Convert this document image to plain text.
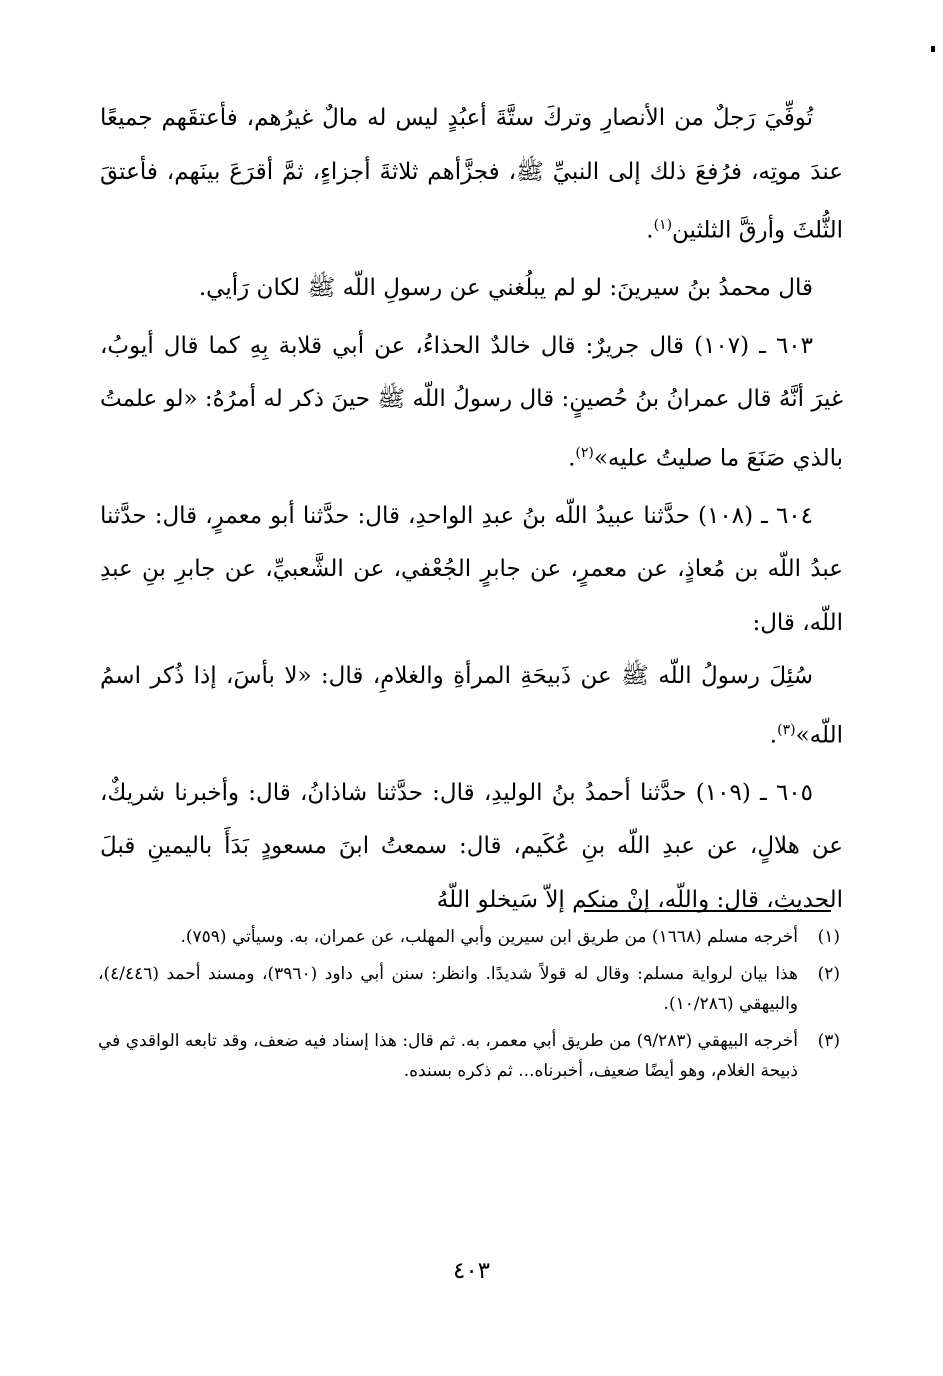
تُوفِّيَ رَجلٌ من الأنصارِ وتركَ ستَّةَ أعبُدٍ ليس له مالٌ غيرُهم، فأعتقَهم جميعًا عندَ موتِه، فرُفعَ ذلك إلى النبيِّ ﷺ، فجزَّأهم ثلاثةَ أجزاءٍ، ثمَّ أقرَعَ بينَهم، فأعتقَ الثُّلثَ وأرقَّ الثلثين$^{(١)}$.

قال محمدُ بنُ سيرينَ: لو لم يبلُغني عن رسولِ اللّه ﷺ لكان رَأيي.

٦٠٣ ـ (١٠٧) قال جريرٌ: قال خالدٌ الحذاءُ، عن أبي قلابة بِهِ كما قال أيوبُ، غيرَ أنَّهُ قال عمرانُ بنُ حُصينٍ: قال رسولُ اللّه ﷺ حينَ ذكر له أمرُهُ: «لو علمتُ بالذي صَنَعَ ما صليتُ عليه»$^{(٢)}$.

٦٠٤ ـ (١٠٨) حدَّثنا عبيدُ اللّه بنُ عبدِ الواحدِ، قال: حدَّثنا أبو معمرٍ، قال: حدَّثنا عبدُ اللّه بن مُعاذٍ، عن معمرٍ، عن جابرٍ الجُعْفي، عن الشَّعبيِّ، عن جابرِ بنِ عبدِ اللّه، قال:

سُئِلَ رسولُ اللّه ﷺ عن ذَبيحَةِ المرأةِ والغلامِ، قال: «لا بأسَ، إذا ذُكر اسمُ اللّه»$^{(٣)}$.

٦٠٥ ـ (١٠٩) حدَّثنا أحمدُ بنُ الوليدِ، قال: حدَّثنا شاذانُ، قال: وأخبرنا شريكٌ، عن هلالٍ، عن عبدِ اللّه بنِ عُكَيم، قال: سمعتُ ابنَ مسعودٍ بَدَأَ باليمينِ قبلَ الحديثِ، قال: واللّه، إنْ منكم إلاّ سَيخلو اللّهُ

(١)
أخرجه مسلم (١٦٦٨) من طريق ابن سيرين وأبي المهلب، عن عمران، به. وسيأتي (٧٥٩).
(٢)
هذا بيان لرواية مسلم: وقال له قولاً شديدًا. وانظر: سنن أبي داود (٣٩٦٠)، ومسند أحمد (٤/٤٤٦)، والبيهقي (١٠/٢٨٦).
(٣)
أخرجه البيهقي (٩/٢٨٣) من طريق أبي معمر، به. ثم قال: هذا إسناد فيه ضعف، وقد تابعه الواقدي في ذبيحة الغلام، وهو أيضًا ضعيف، أخبرناه... ثم ذكره بسنده.
٤٠٣
